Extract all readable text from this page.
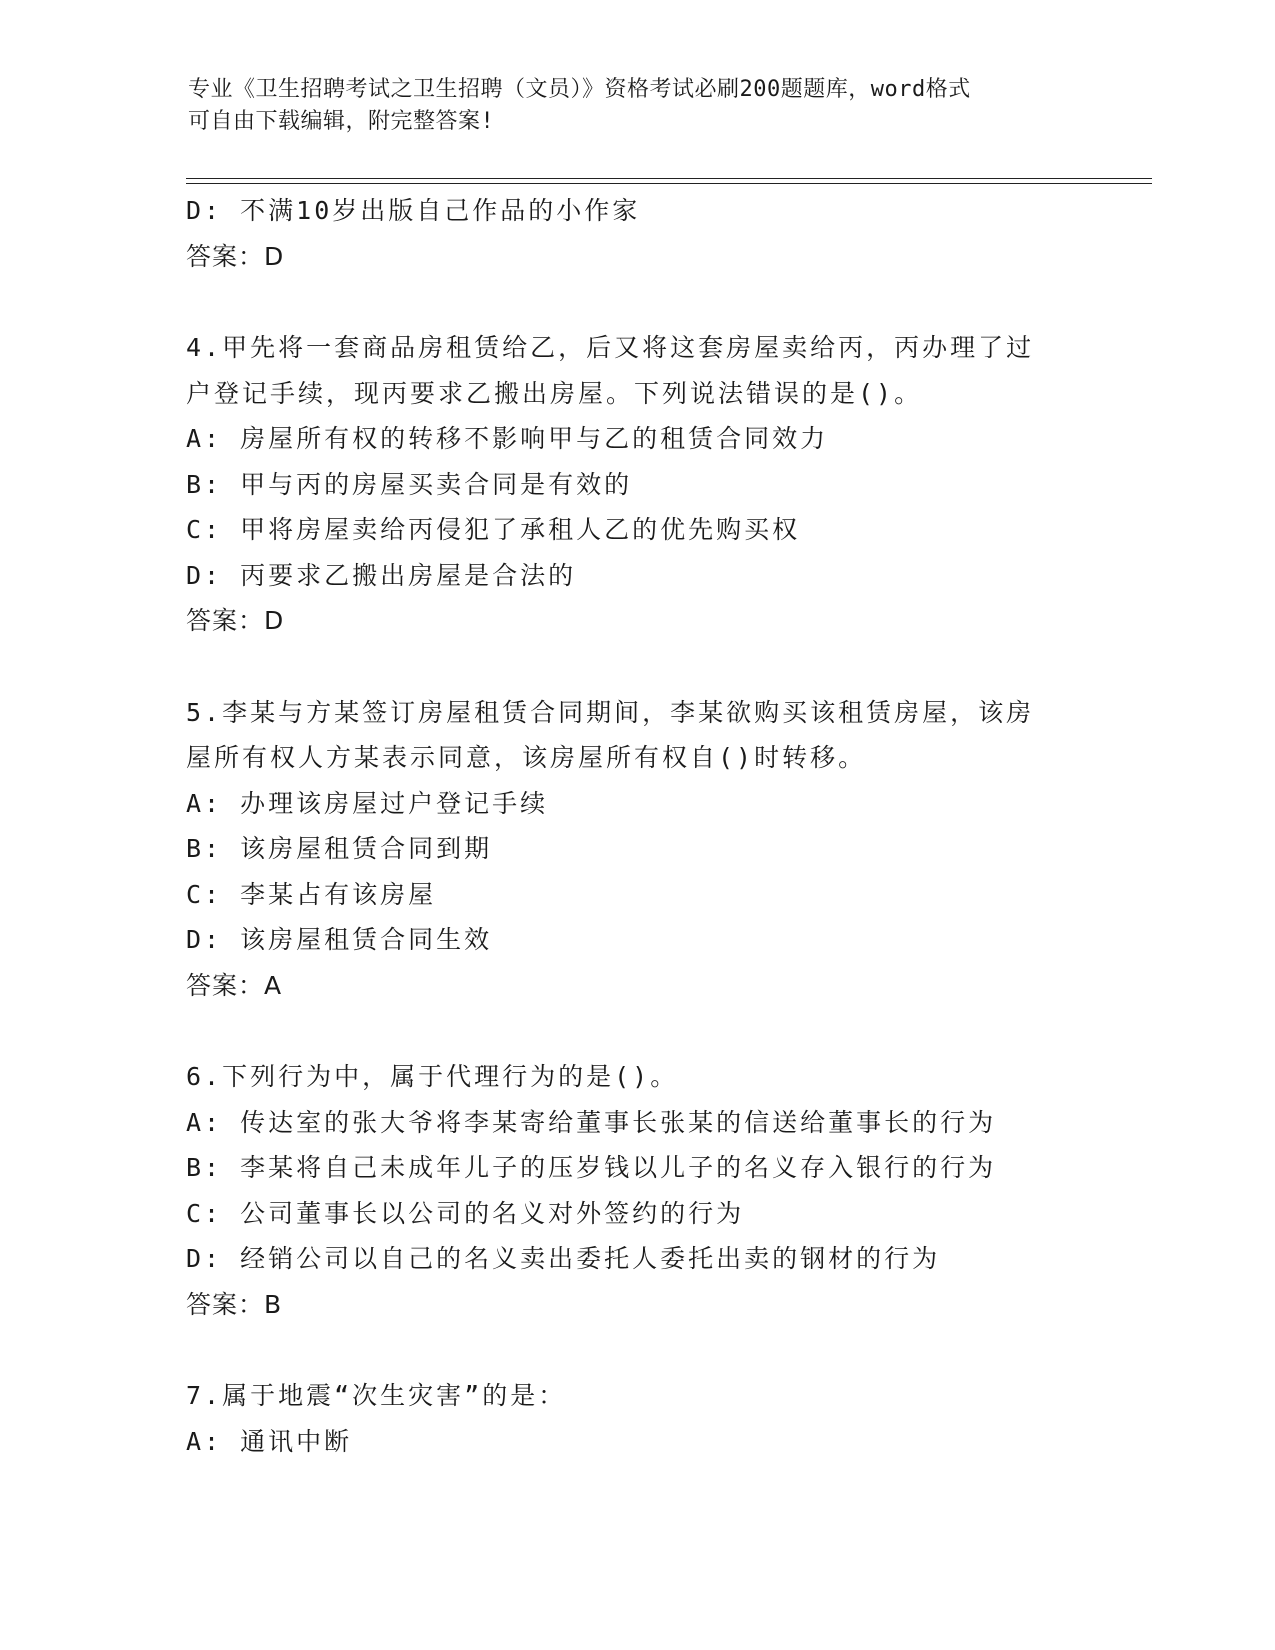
专业《卫生招聘考试之卫生招聘（文员）》资格考试必刷200题题库，word格式
可自由下载编辑，附完整答案!
D: 不满10岁出版自己作品的小作家
答案：D
4.甲先将一套商品房租赁给乙，后又将这套房屋卖给丙，丙办理了过
户登记手续，现丙要求乙搬出房屋。下列说法错误的是()。
A: 房屋所有权的转移不影响甲与乙的租赁合同效力
B: 甲与丙的房屋买卖合同是有效的
C: 甲将房屋卖给丙侵犯了承租人乙的优先购买权
D: 丙要求乙搬出房屋是合法的
答案：D
5.李某与方某签订房屋租赁合同期间，李某欲购买该租赁房屋，该房
屋所有权人方某表示同意，该房屋所有权自()时转移。
A: 办理该房屋过户登记手续
B: 该房屋租赁合同到期
C: 李某占有该房屋
D: 该房屋租赁合同生效
答案：A
6.下列行为中，属于代理行为的是()。
A: 传达室的张大爷将李某寄给董事长张某的信送给董事长的行为
B: 李某将自己未成年儿子的压岁钱以儿子的名义存入银行的行为
C: 公司董事长以公司的名义对外签约的行为
D: 经销公司以自己的名义卖出委托人委托出卖的钢材的行为
答案：B
7.属于地震“次生灾害”的是：
A: 通讯中断
